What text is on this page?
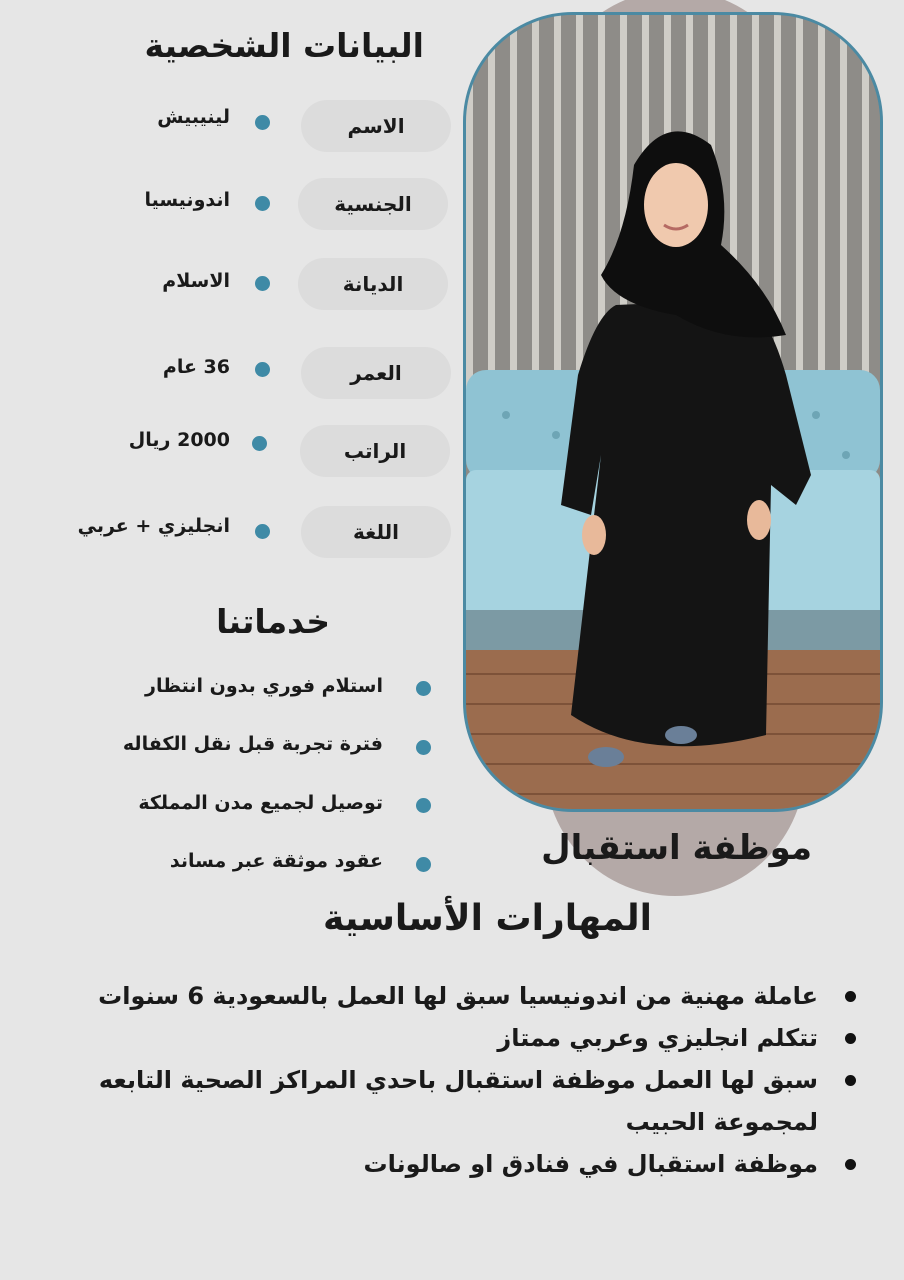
البيانات الشخصية
الاسم
لينيبيش
الجنسية
اندونيسيا
الديانة
الاسلام
العمر
36 عام
الراتب
2000 ريال
اللغة
انجليزي + عربي
خدماتنا
استلام فوري بدون انتظار
فترة تجربة قبل نقل الكفاله
توصيل لجميع مدن المملكة
عقود موثقة عبر مساند	موظفة استقبال
المهارات الأساسية
عاملة مهنية من اندونيسيا سبق لها العمل بالسعودية 6 سنوات
تتكلم انجليزي وعربي ممتاز
سبق لها العمل موظفة استقبال باحدي المراكز الصحية التابعه لمجموعة الحبيب
موظفة استقبال في فنادق او صالونات
